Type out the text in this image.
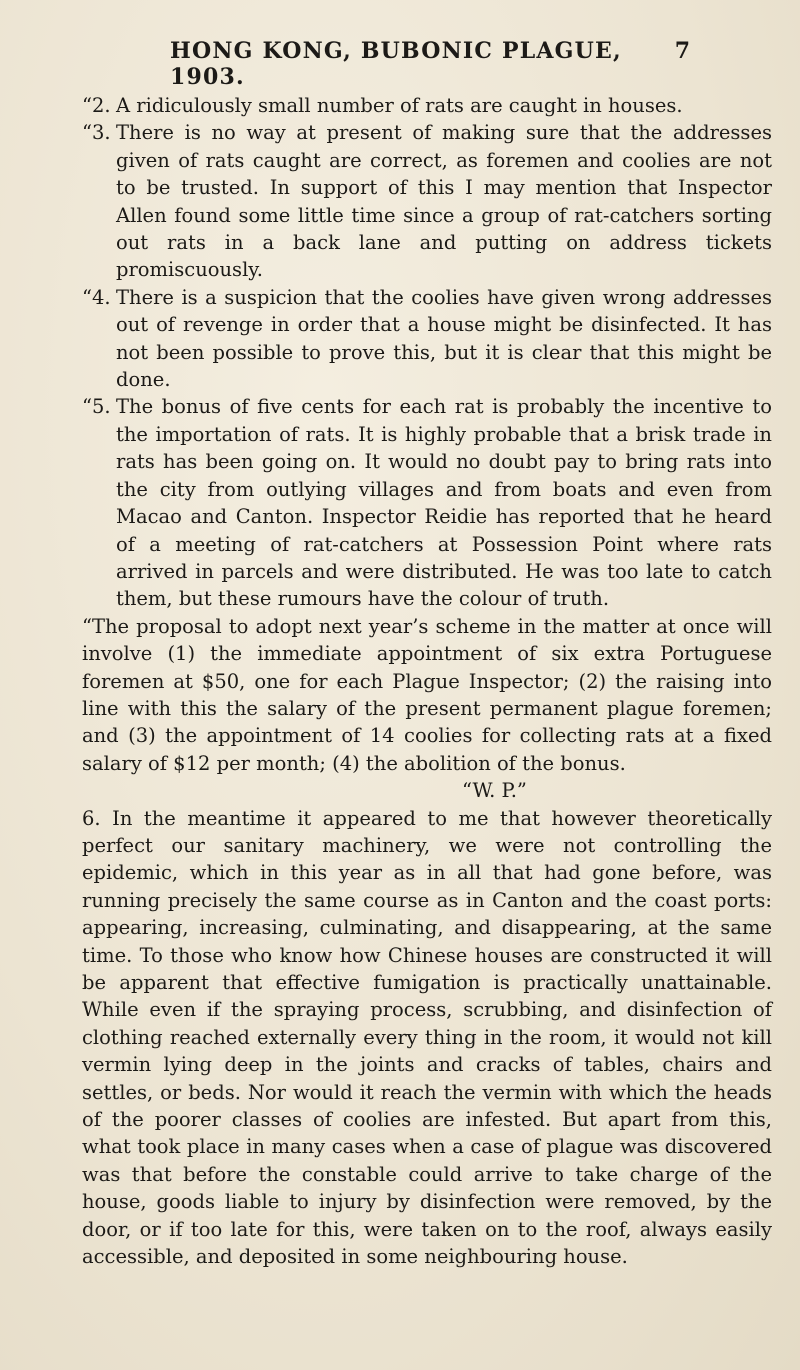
HONG KONG, BUBONIC PLAGUE, 1903.
7
“2. A ridiculously small number of rats are caught in houses.
“3. There is no way at present of making sure that the addresses given of rats caught are correct, as foremen and coolies are not to be trusted. In support of this I may mention that Inspector Allen found some little time since a group of rat-catchers sorting out rats in a back lane and putting on address tickets promiscuously.
“4. There is a suspicion that the coolies have given wrong addresses out of revenge in order that a house might be disinfected. It has not been possible to prove this, but it is clear that this might be done.
“5. The bonus of five cents for each rat is probably the incentive to the importation of rats. It is highly probable that a brisk trade in rats has been going on. It would no doubt pay to bring rats into the city from outlying villages and from boats and even from Macao and Canton. Inspector Reidie has reported that he heard of a meeting of rat-catchers at Possession Point where rats arrived in parcels and were distributed. He was too late to catch them, but these rumours have the colour of truth.

“The proposal to adopt next year’s scheme in the matter at once will involve (1) the immediate appointment of six extra Portuguese foremen at $50, one for each Plague Inspector; (2) the raising into line with this the salary of the present permanent plague foremen; and (3) the appointment of 14 coolies for collecting rats at a fixed salary of $12 per month; (4) the abolition of the bonus.

“W. P.”

6. In the meantime it appeared to me that however theoretically perfect our sanitary machinery, we were not controlling the epidemic, which in this year as in all that had gone before, was running precisely the same course as in Canton and the coast ports: appearing, increasing, culminating, and disappearing, at the same time. To those who know how Chinese houses are constructed it will be apparent that effective fumigation is practically unattainable. While even if the spraying process, scrubbing, and disinfection of clothing reached externally every thing in the room, it would not kill vermin lying deep in the joints and cracks of tables, chairs and settles, or beds. Nor would it reach the vermin with which the heads of the poorer classes of coolies are infested. But apart from this, what took place in many cases when a case of plague was discovered was that before the constable could arrive to take charge of the house, goods liable to injury by disinfection were removed, by the door, or if too late for this, were taken on to the roof, always easily accessible, and deposited in some neighbouring house.
